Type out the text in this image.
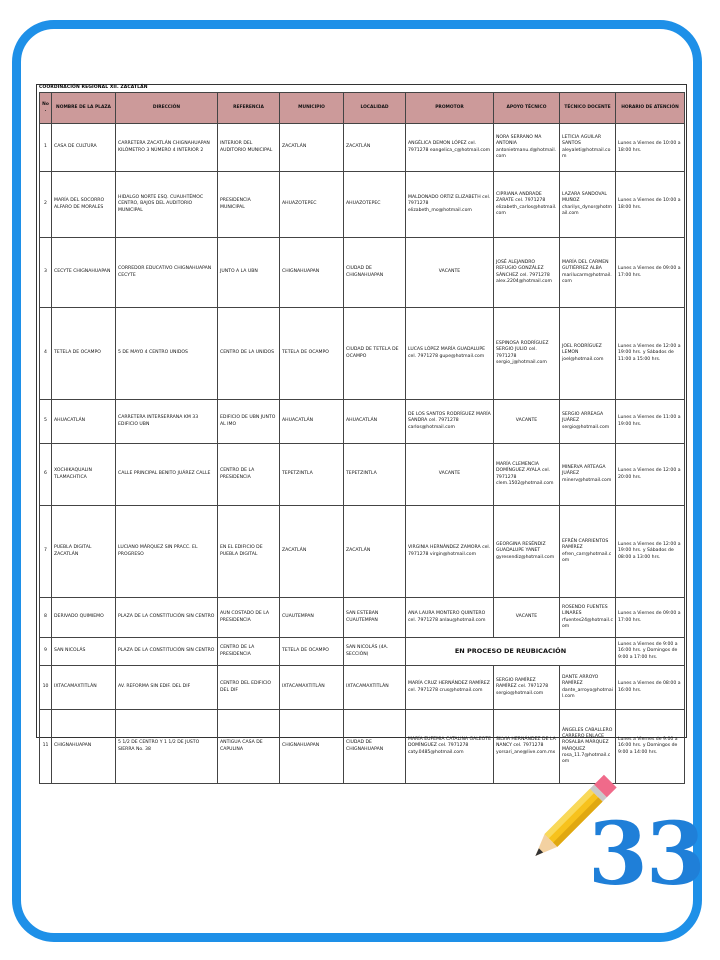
COORDINACIÓN REGIONAL XII. ZACATLÁN
No.	NOMBRE DE LA PLAZA	DIRECCIÓN	REFERENCIA	MUNICIPIO	LOCALIDAD	PROMOTOR	APOYO TÉCNICO	TÉCNICO DOCENTE	HORARIO DE ATENCIÓN
1	CASA DE CULTURA	CARRETERA ZACATLÁN CHIGNAHUAPAN KILÓMETRO 3 NÚMERO 4 INTERIOR 2	INTERIOR DEL AUDITORIO MUNICIPAL	ZACATLÁN	ZACATLÁN	ANGÉLICA DEMON LÓPEZ cel. 7971278 eangelica_c@hotmail.com	NORA SERRANO MA ANTONIA antonietmanu.d@hotmail.com	LETICIA AGUILAR SANTOS aleyaleti@hotmail.com	Lunes a Viernes de 10:00 a 18:00 hrs.
2	MARÍA DEL SOCORRO ALFARO DE MORALES	HIDALGO NORTE ESQ. CUAUHTÉMOC CENTRO, BAJOS DEL AUDITORIO MUNICIPAL	PRESIDENCIA MUNICIPAL	AHUAZOTEPEC	AHUAZOTEPEC	MALDONADO ORTIZ ELIZABETH cel. 7971278 elizabeth_mo@hotmail.com	CIPRIANA ANDRADE ZARATE cel. 7971278 elizabeth_carlos@hotmail.com	LAZARA SANDOVAL MUÑOZ charilys_dynor@hotmail.com	Lunes a Viernes de 10:00 a 18:00 hrs.
3	CECYTE CHIGNAHUAPAN	CORREDOR EDUCATIVO CHIGNAHUAPAN CECYTE	JUNTO A LA UBN	CHIGNAHUAPAN	CIUDAD DE CHIGNAHUAPAN	VACANTE	JOSÉ ALEJANDRO REFUGIO GONZÁLEZ SÁNCHEZ cel. 7971278 alex.2204@hotmail.com	MARÍA DEL CARMEN GUTIÉRREZ ALBA marilucarm@hotmail.com	Lunes a Viernes de 09:00 a 17:00 hrs.
4	TETELA DE OCAMPO	5 DE MAYO 4 CENTRO UNIDOS	CENTRO DE LA UNIDOS	TETELA DE OCAMPO	CIUDAD DE TETELA DE OCAMPO	LUCAS LÓPEZ MARÍA GUADALUPE cel. 7971278 gupe@hotmail.com	ESPINOSA RODRÍGUEZ SERGIO JULIO cel. 7971278 sergio_j@hotmail.com	JOEL RODRÍGUEZ LEMON joel@hotmail.com	Lunes a Viernes de 12:00 a 19:00 hrs. y Sábados de 11:00 a 15:00 hrs.
5	AHUACATLÁN	CARRETERA INTERSERRANA KM 33 EDIFICIO UBN	EDIFICIO DE UBN JUNTO AL IMO	AHUACATLÁN	AHUACATLÁN	DE LOS SANTOS RODRÍGUEZ MARÍA SANDRA cel. 7971278 carlos@hotmail.com	VACANTE	SERGIO ARREAGA JUÁREZ sergio@hotmail.com	Lunes a Viernes de 11:00 a 19:00 hrs.
6	XOCHIKAQUALIN TLAMACHTICA	CALLE PRINCIPAL BENITO JUÁREZ CALLE	CENTRO DE LA PRESIDENCIA	TEPETZINTLA	TEPETZINTLA	VACANTE	MARÍA CLEMENCIA DOMÍNGUEZ AYALA cel. 7971278 clem.1502@hotmail.com	MINERVA ARTEAGA JUÁREZ minerv@hotmail.com	Lunes a Viernes de 12:00 a 20:00 hrs.
7	PUEBLA DIGITAL ZACATLÁN	LUCIANO MÁRQUEZ SIN PRACC. EL PROGRESO	EN EL EDIFICIO DE PUEBLA DIGITAL	ZACATLÁN	ZACATLÁN	VIRGINIA HERNÁNDEZ ZAMORA cel. 7971278 virgin@hotmail.com	GEORGINA RESÉNDIZ GUADALUPE YANET gyresendiz@hotmail.com	EFRÉN CARRIENTOS RAMÍREZ efren_carr@hotmail.com	Lunes a Viernes de 12:00 a 19:00 hrs. y Sábados de 08:00 a 13:00 hrs.
8	DERIVADO QUIMIEMO	PLAZA DE LA CONSTITUCIÓN SIN CENTRO	AUN COSTADO DE LA PRESIDENCIA	CUAUTEMPAN	SAN ESTEBAN CUAUTEMPAN	ANA LAURA MONTERO QUINTERO cel. 7971278 anlau@hotmail.com	VACANTE	ROSENDO FUENTES LINARES rfuentes24@hotmail.com	Lunes a Viernes de 09:00 a 17:00 hrs.
9	SAN NICOLÁS	PLAZA DE LA CONSTITUCIÓN SIN CENTRO	CENTRO DE LA PRESIDENCIA	TETELA DE OCAMPO	SAN NICOLÁS (4A. SECCIÓN)	EN PROCESO DE REUBICACIÓN			Lunes a Viernes de 9:00 a 16:00 hrs. y Domingos de 9:00 a 17:00 hrs.
10	IXTACAMAXTITLÁN	AV. REFORMA SIN EDIF. DEL DIF	CENTRO DEL EDIFICIO DEL DIF	IXTACAMAXTITLÁN	IXTACAMAXTITLÁN	MARÍA CRUZ HERNÁNDEZ RAMÍREZ cel. 7971278 crus@hotmail.com	SERGIO RAMÍREZ RAMÍREZ cel. 7971278 sergio@hotmail.com	DANTE ARROYO RAMÍREZ dante_arroyo@hotmail.com	Lunes a Viernes de 08:00 a 16:00 hrs.
11	CHIGNAHUAPAN	5 1/2 DE CENTRO Y 1 1/2 DE JUSTO SIERRA No. 38	ANTIGUA CASA DE CAPULINA	CHIGNAHUAPAN	CIUDAD DE CHIGNAHUAPAN	MARÍA EUFEMIA CATALINA GALEOTE DOMÍNGUEZ cel. 7971278 caty.0485@hotmail.com	SILVIA HERNÁNDEZ DE LA NANCY cel. 7971278 yorsari_ane@live.com.mx	ÁNGELES CABALLERO CARRERO ENLACE ROSALBA MÁRQUEZ MÁRQUEZ rosa_11.7@hotmail.com	Lunes a Viernes de 9:00 a 16:00 hrs. y Domingos de 9:00 a 14:00 hrs.
33
